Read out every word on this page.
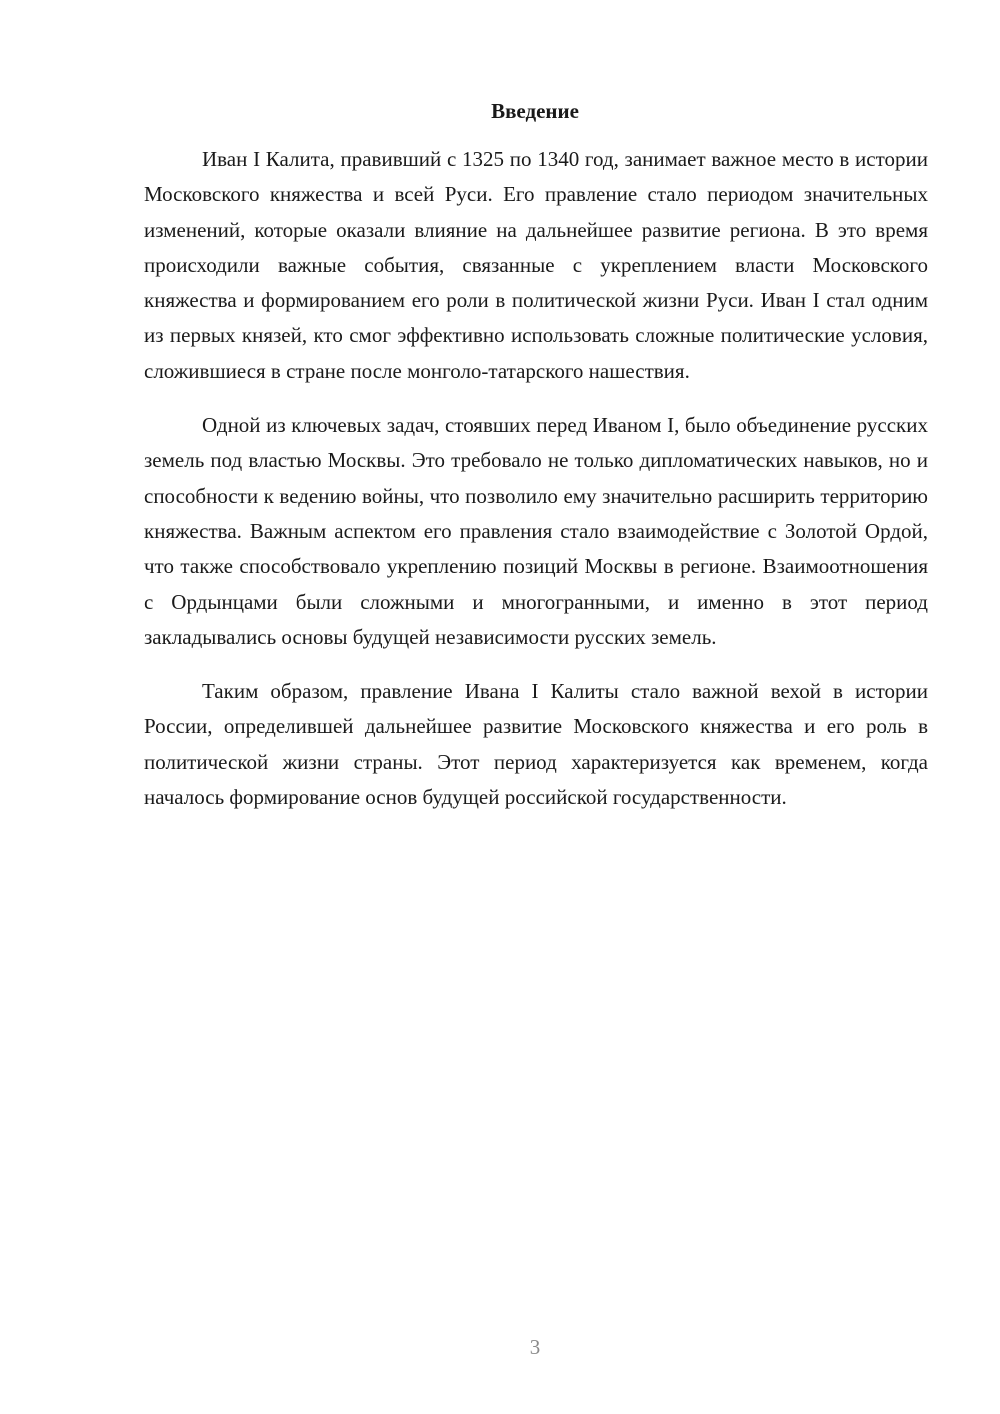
Введение

Иван I Калита, правивший с 1325 по 1340 год, занимает важное место в истории Московского княжества и всей Руси. Его правление стало периодом значительных изменений, которые оказали влияние на дальнейшее развитие региона. В это время происходили важные события, связанные с укреплением власти Московского княжества и формированием его роли в политической жизни Руси. Иван I стал одним из первых князей, кто смог эффективно использовать сложные политические условия, сложившиеся в стране после монголо-татарского нашествия.

Одной из ключевых задач, стоявших перед Иваном I, было объединение русских земель под властью Москвы. Это требовало не только дипломатических навыков, но и способности к ведению войны, что позволило ему значительно расширить территорию княжества. Важным аспектом его правления стало взаимодействие с Золотой Ордой, что также способствовало укреплению позиций Москвы в регионе. Взаимоотношения с Ордынцами были сложными и многогранными, и именно в этот период закладывались основы будущей независимости русских земель.

Таким образом, правление Ивана I Калиты стало важной вехой в истории России, определившей дальнейшее развитие Московского княжества и его роль в политической жизни страны. Этот период характеризуется как временем, когда началось формирование основ будущей российской государственности.

3
